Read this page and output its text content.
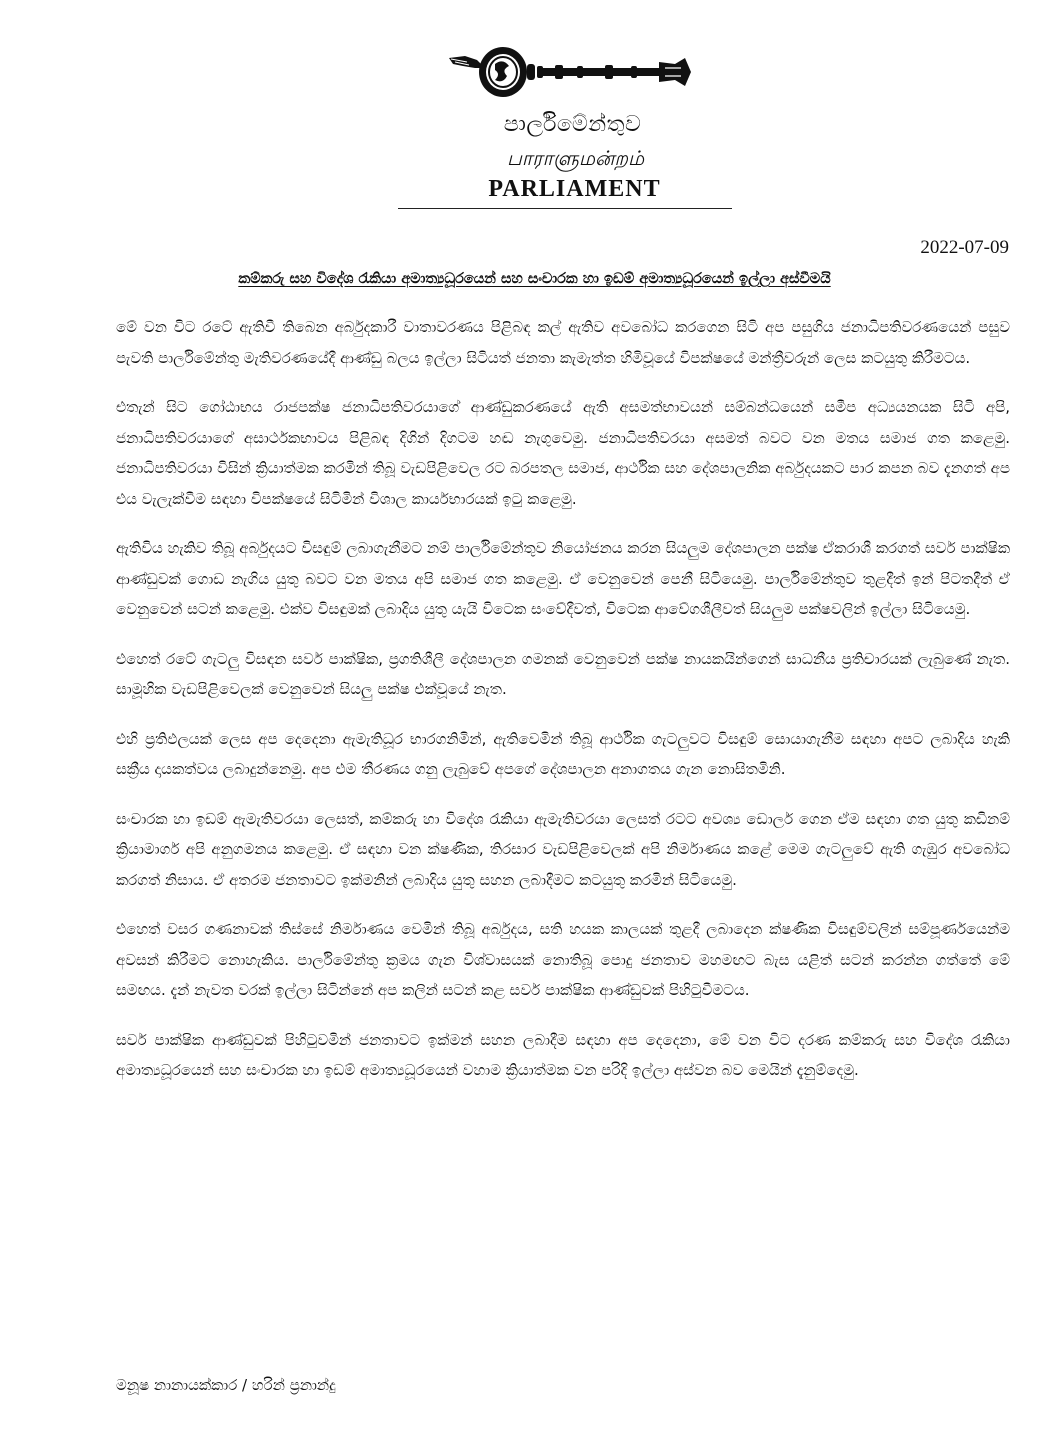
පාර්ලිමේන්තුව
பாராளுமன்றம்
PARLIAMENT
2022-07-09
කම්කරු සහ විදේශ රැකියා අමාත්‍යධූරයෙන් සහ සංචාරක හා ඉඩම් අමාත්‍යධූරයෙන් ඉල්ලා අස්වීමයි

මේ වන විට රටේ ඇතිවී තිබෙන අර්බුදකාරී වාතාවරණය පිළිබඳ කල් ඇතිව අවබෝධ කරගෙන සිටි අප පසුගිය ජනාධිපතිවරණයෙන් පසුව පැවති පාර්ලිමේන්තු මැතිවරණයේදී ආණ්ඩු බලය ඉල්ලා සිටියත් ජනතා කැමැත්ත හිමිවූයේ විපක්ෂයේ මන්ත්‍රීවරුන් ලෙස කටයුතු කිරීමටය.

එතැන් සිට ගෝඨාභය රාජපක්ෂ ජනාධිපතිවරයාගේ ආණ්ඩුකරණයේ ඇති අසමත්භාවයන් සම්බන්ධයෙන් සමීප අධ්‍යයනයක සිටි අපි, ජනාධිපතිවරයාගේ අසාර්ථකභාවය පිළිබඳ දිගින් දිගටම හඬ නැගුවෙමු. ජනාධිපතිවරයා අසමත් බවට වන මතය සමාජ ගත කළෙමු. ජනාධිපතිවරයා විසින් ක්‍රියාත්මක කරමින් තිබූ වැඩපිළිවෙල රට බරපතල සමාජ, ආර්ථික සහ දේශපාලනික අර්බුදයකට පාර කපන බව දැනගත් අප එය වැලැක්වීම සඳහා විපක්ෂයේ සිටිමින් විශාල කාර්යභාරයක් ඉටු කළෙමු.

ඇතිවිය හැකිව තිබූ අර්බුදයට විසඳුම් ලබාගැනීමට නම් පාර්ලිමේන්තුව නියෝජනය කරන සියලුම දේශපාලන පක්ෂ ඒකරාශී කරගත් සර්ව පාක්ෂික ආණ්ඩුවක් ගොඩ නැගිය යුතු බවට වන මතය අපි සමාජ ගත කළෙමු. ඒ වෙනුවෙන් පෙනී සිටියෙමු. පාර්ලිමේන්තුව තුළදීත් ඉන් පිටතදීත් ඒ වෙනුවෙන් සටන් කළෙමු. එක්ව විසඳුමක් ලබාදිය යුතු යැයි විටෙක සංවේදීවත්, විටෙක ආවේගශීලීවත් සියලුම පක්ෂවලින් ඉල්ලා සිටියෙමු.

එහෙත් රටේ ගැටලු විසඳන සර්ව පාක්ෂික, ප්‍රගතිශීලී දේශපාලන ගමනක් වෙනුවෙන් පක්ෂ නායකයින්ගෙන් සාධනීය ප්‍රතිචාරයක් ලැබුණේ නැත. සාමූහික වැඩපිළිවෙලක් වෙනුවෙන් සියලු පක්ෂ එක්වූයේ නැත.

එහි ප්‍රතිඵලයක් ලෙස අප දෙදෙනා ඇමැතිධූර භාරගනිමින්, ඇතිවෙමින් තිබූ ආර්ථික ගැටලුවට විසඳුම් සොයාගැනීම සඳහා අපට ලබාදිය හැකි සක්‍රීය දායකත්වය ලබාදුන්නෙමු. අප එම තීරණය ගනු ලැබුවේ අපගේ දේශපාලන අනාගතය ගැන නොසිතමිනි.

සංචාරක හා ඉඩම් ඇමැතිවරයා ලෙසත්, කම්කරු හා විදේශ රැකියා ඇමැතිවරයා ලෙසත් රටට අවශ්‍ය ඩොලර් ගෙන ඒම සඳහා ගත යුතු කඩිනම් ක්‍රියාමාර්ග අපි අනුගමනය කළෙමු. ඒ සඳහා වන ක්ෂණික, තිරසාර වැඩපිළිවෙලක් අපි නිර්මාණය කළේ මෙම ගැටලුවේ ඇති ගැඹුර අවබෝධ කරගත් නිසාය. ඒ අතරම ජනතාවට ඉක්මනින් ලබාදිය යුතු සහන ලබාදීමට කටයුතු කරමින් සිටියෙමු.

එහෙත් වසර ගණනාවක් තිස්සේ නිර්මාණය වෙමින් තිබූ අර්බුදය, සති හයක කාලයක් තුළදී ලබාදෙන ක්ෂණික විසඳුම්වලින් සම්පූර්ණයෙන්ම අවසන් කිරීමට නොහැකිය. පාර්ලිමේන්තු ක්‍රමය ගැන විශ්වාසයක් නොතිබූ පොදු ජනතාව මහමඟට බැස යළිත් සටන් කරන්න ගත්තේ මේ සමඟය. දැන් නැවත වරක් ඉල්ලා සිටින්නේ අප කලින් සටන් කළ සර්ව පාක්ෂික ආණ්ඩුවක් පිහිටුවීමටය.

සර්ව පාක්ෂික ආණ්ඩුවක් පිහිටුවමින් ජනතාවට ඉක්මන් සහන ලබාදීම සඳහා අප දෙදෙනා, මේ වන විට දරණ කම්කරු සහ විදේශ රැකියා අමාත්‍යධූරයෙන් සහ සංචාරක හා ඉඩම් අමාත්‍යධූරයෙන් වහාම ක්‍රියාත්මක වන පරිදි ඉල්ලා අස්වන බව මෙයින් දැනුම්දෙමු.

මනූෂ නානායක්කාර / හරින් ප්‍රනාන්දු
